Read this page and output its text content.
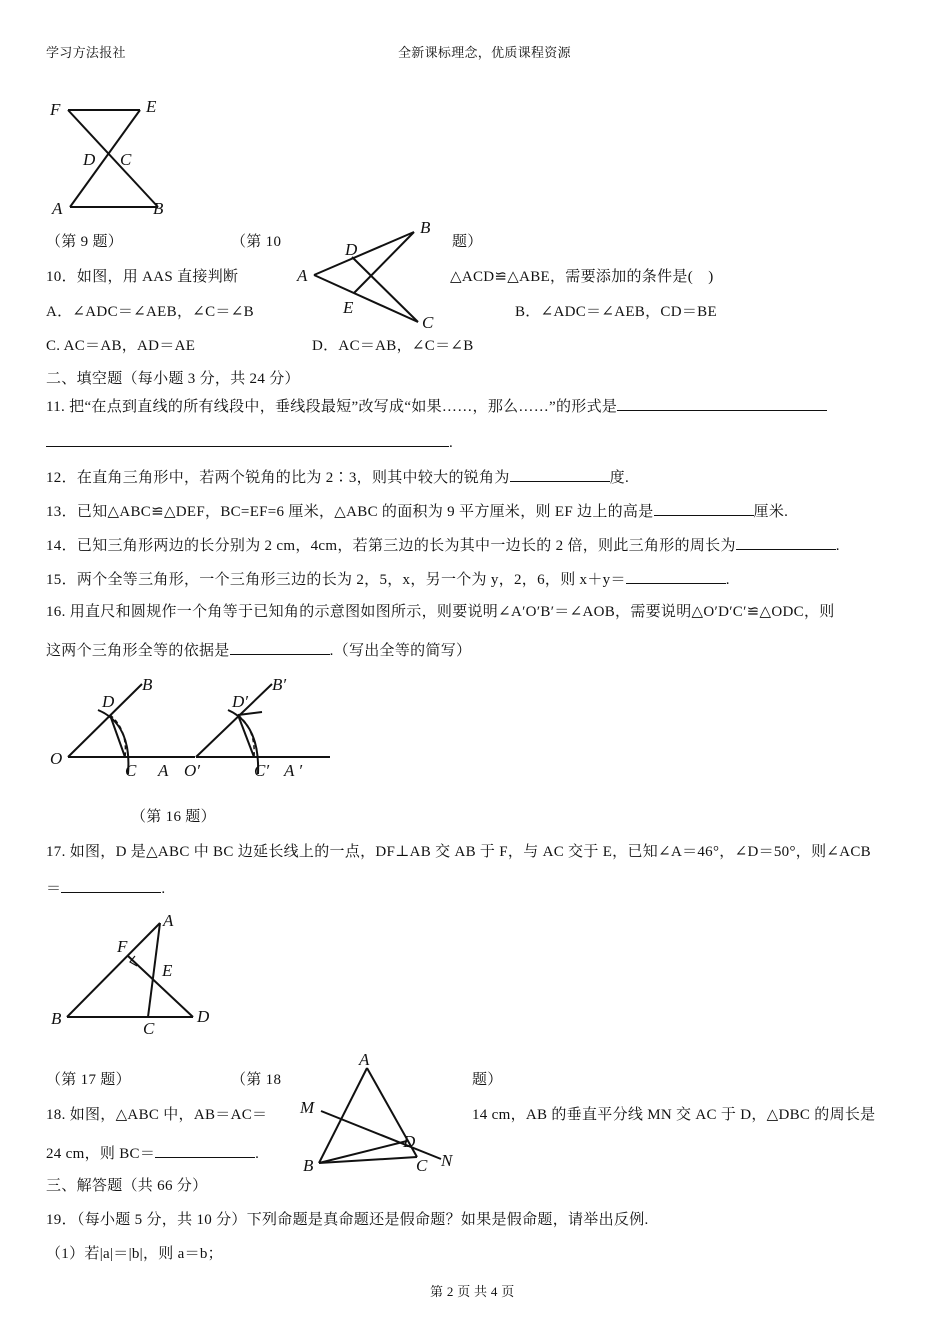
学习方法报社	全新课标理念，优质课程资源
F	E
D C
A	B
（第 9 题）	（第 10	题）
A
B
D
E
C
10．如图，用 AAS 直接判断	△ACD≌△ABE，需要添加的条件是(　)
A．∠ADC＝∠AEB，∠C＝∠B	B．∠ADC＝∠AEB，CD＝BE
C. AC＝AB，AD＝AE	D．AC＝AB，∠C＝∠B
二、填空题（每小题 3 分，共 24 分）
11. 把“在点到直线的所有线段中，垂线段最短”改写成“如果……，那么……”的形式是
.
12．在直角三角形中，若两个锐角的比为 2∶3，则其中较大的锐角为	度.
13．已知△ABC≌△DEF，BC=EF=6 厘米，△ABC 的面积为 9 平方厘米，则 EF 边上的高是	厘米.
14．已知三角形两边的长分别为 2 cm，4cm，若第三边的长为其中一边长的 2 倍，则此三角形的周长为	.
15．两个全等三角形，一个三角形三边的长为 2，5，x，另一个为 y，2，6，则 x＋y＝	.
16. 用直尺和圆规作一个角等于已知角的示意图如图所示，则要说明∠A′O′B′＝∠AOB，需要说明△O′D′C′≌△ODC，则
这两个三角形全等的依据是	.（写出全等的简写）
D
B
O
C A
D′
B′
O′	C′ A ′
（第 16 题）
17. 如图，D 是△ABC 中 BC 边延长线上的一点，DF⊥AB 交 AB 于 F，与 AC 交于 E，已知∠A＝46°，∠D＝50°，则∠ACB
＝	.
A
F
E
B
C
D
（第 17 题）	（第 18	题）
A
M
D
B	C N
18. 如图，△ABC 中，AB＝AC＝	14 cm，AB 的垂直平分线 MN 交 AC 于 D，△DBC 的周长是
24 cm，则 BC＝	.
三、解答题（共 66 分）
19．（每小题 5 分，共 10 分）下列命题是真命题还是假命题？如果是假命题，请举出反例.
（1）若|a|＝|b|，则 a＝b；
第 2 页 共 4 页
